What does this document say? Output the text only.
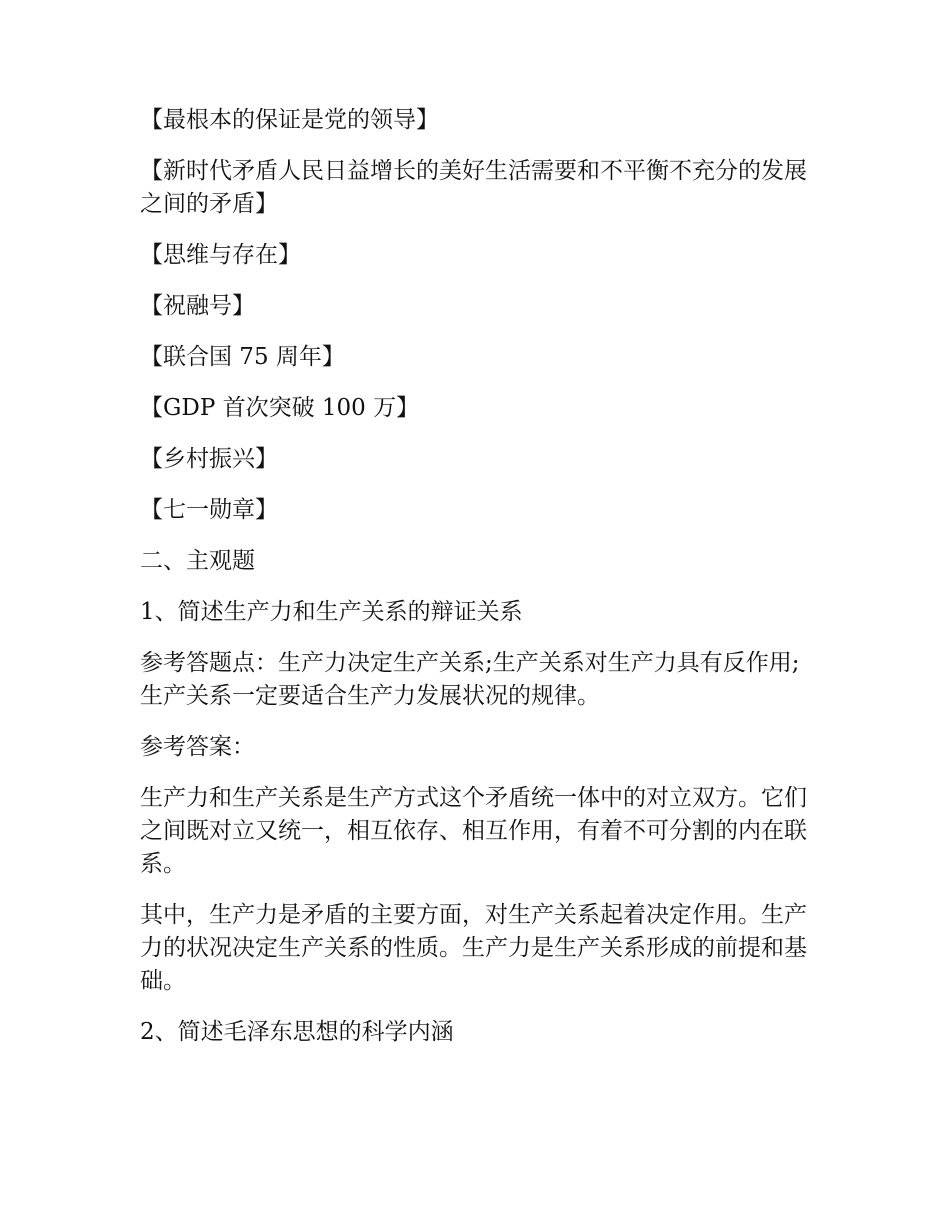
【最根本的保证是党的领导】

【新时代矛盾人民日益增长的美好生活需要和不平衡不充分的发展之间的矛盾】

【思维与存在】

【祝融号】

【联合国 75 周年】

【GDP 首次突破 100 万】

【乡村振兴】

【七一勋章】

二、主观题

1、简述生产力和生产关系的辩证关系

参考答题点：生产力决定生产关系;生产关系对生产力具有反作用;生产关系一定要适合生产力发展状况的规律。

参考答案：

生产力和生产关系是生产方式这个矛盾统一体中的对立双方。它们之间既对立又统一，相互依存、相互作用，有着不可分割的内在联系。

其中，生产力是矛盾的主要方面，对生产关系起着决定作用。生产力的状况决定生产关系的性质。生产力是生产关系形成的前提和基础。

2、简述毛泽东思想的科学内涵
